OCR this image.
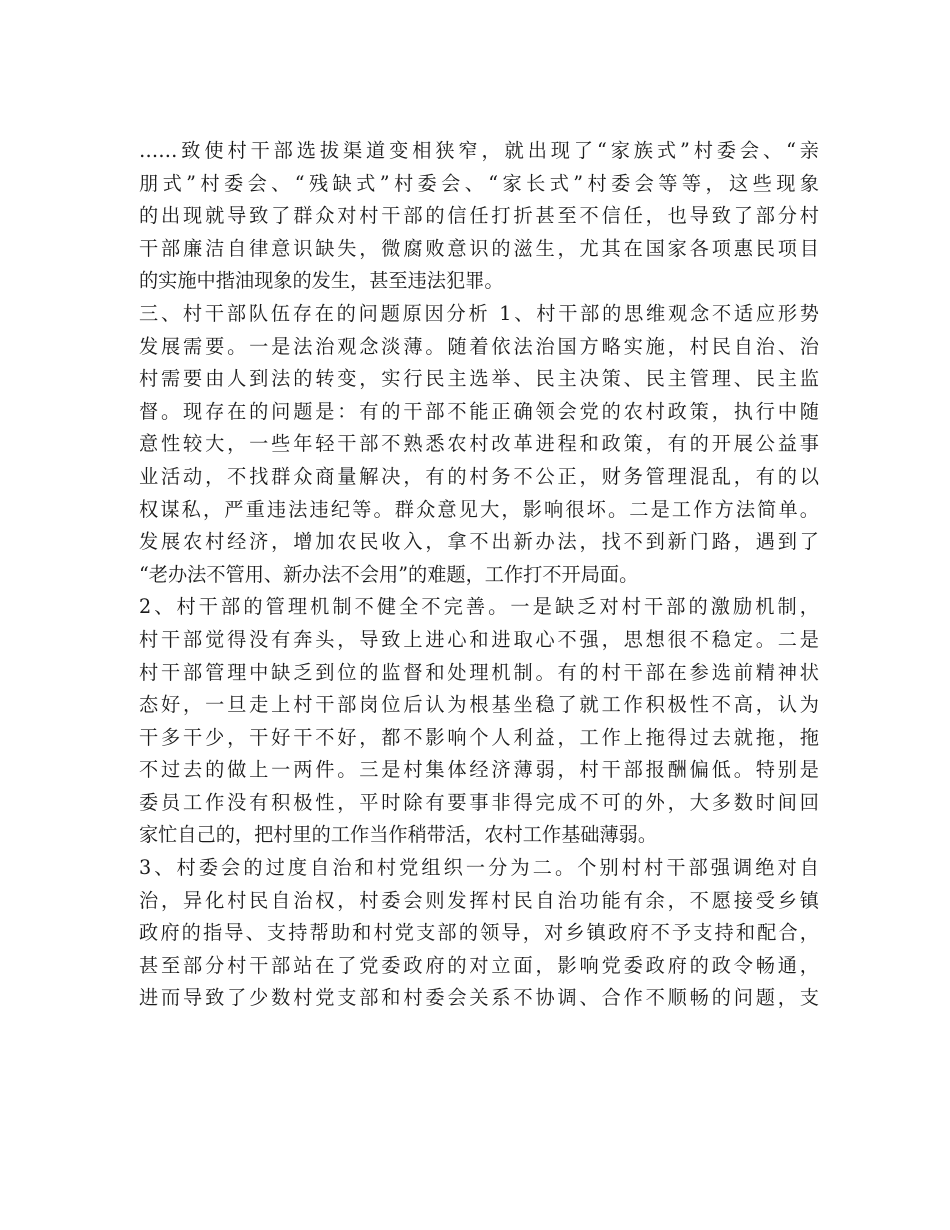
……致使村干部选拔渠道变相狭窄，就出现了“家族式”村委会、“亲
朋式”村委会、“残缺式”村委会、“家长式”村委会等等，这些现象
的出现就导致了群众对村干部的信任打折甚至不信任，也导致了部分村
干部廉洁自律意识缺失，微腐败意识的滋生，尤其在国家各项惠民项目
的实施中揩油现象的发生，甚至违法犯罪。
三、村干部队伍存在的问题原因分析 1、村干部的思维观念不适应形势
发展需要。一是法治观念淡薄。随着依法治国方略实施，村民自治、治
村需要由人到法的转变，实行民主选举、民主决策、民主管理、民主监
督。现存在的问题是：有的干部不能正确领会党的农村政策，执行中随
意性较大，一些年轻干部不熟悉农村改革进程和政策，有的开展公益事
业活动，不找群众商量解决，有的村务不公正，财务管理混乱，有的以
权谋私，严重违法违纪等。群众意见大，影响很坏。二是工作方法简单。
发展农村经济，增加农民收入，拿不出新办法，找不到新门路，遇到了
“老办法不管用、新办法不会用”的难题，工作打不开局面。
2、村干部的管理机制不健全不完善。一是缺乏对村干部的激励机制，
村干部觉得没有奔头，导致上进心和进取心不强，思想很不稳定。二是
村干部管理中缺乏到位的监督和处理机制。有的村干部在参选前精神状
态好，一旦走上村干部岗位后认为根基坐稳了就工作积极性不高，认为
干多干少，干好干不好，都不影响个人利益，工作上拖得过去就拖，拖
不过去的做上一两件。三是村集体经济薄弱，村干部报酬偏低。特别是
委员工作没有积极性，平时除有要事非得完成不可的外，大多数时间回
家忙自己的，把村里的工作当作稍带活，农村工作基础薄弱。
3、村委会的过度自治和村党组织一分为二。个别村村干部强调绝对自
治，异化村民自治权，村委会则发挥村民自治功能有余，不愿接受乡镇
政府的指导、支持帮助和村党支部的领导，对乡镇政府不予支持和配合，
甚至部分村干部站在了党委政府的对立面，影响党委政府的政令畅通，
进而导致了少数村党支部和村委会关系不协调、合作不顺畅的问题，支
